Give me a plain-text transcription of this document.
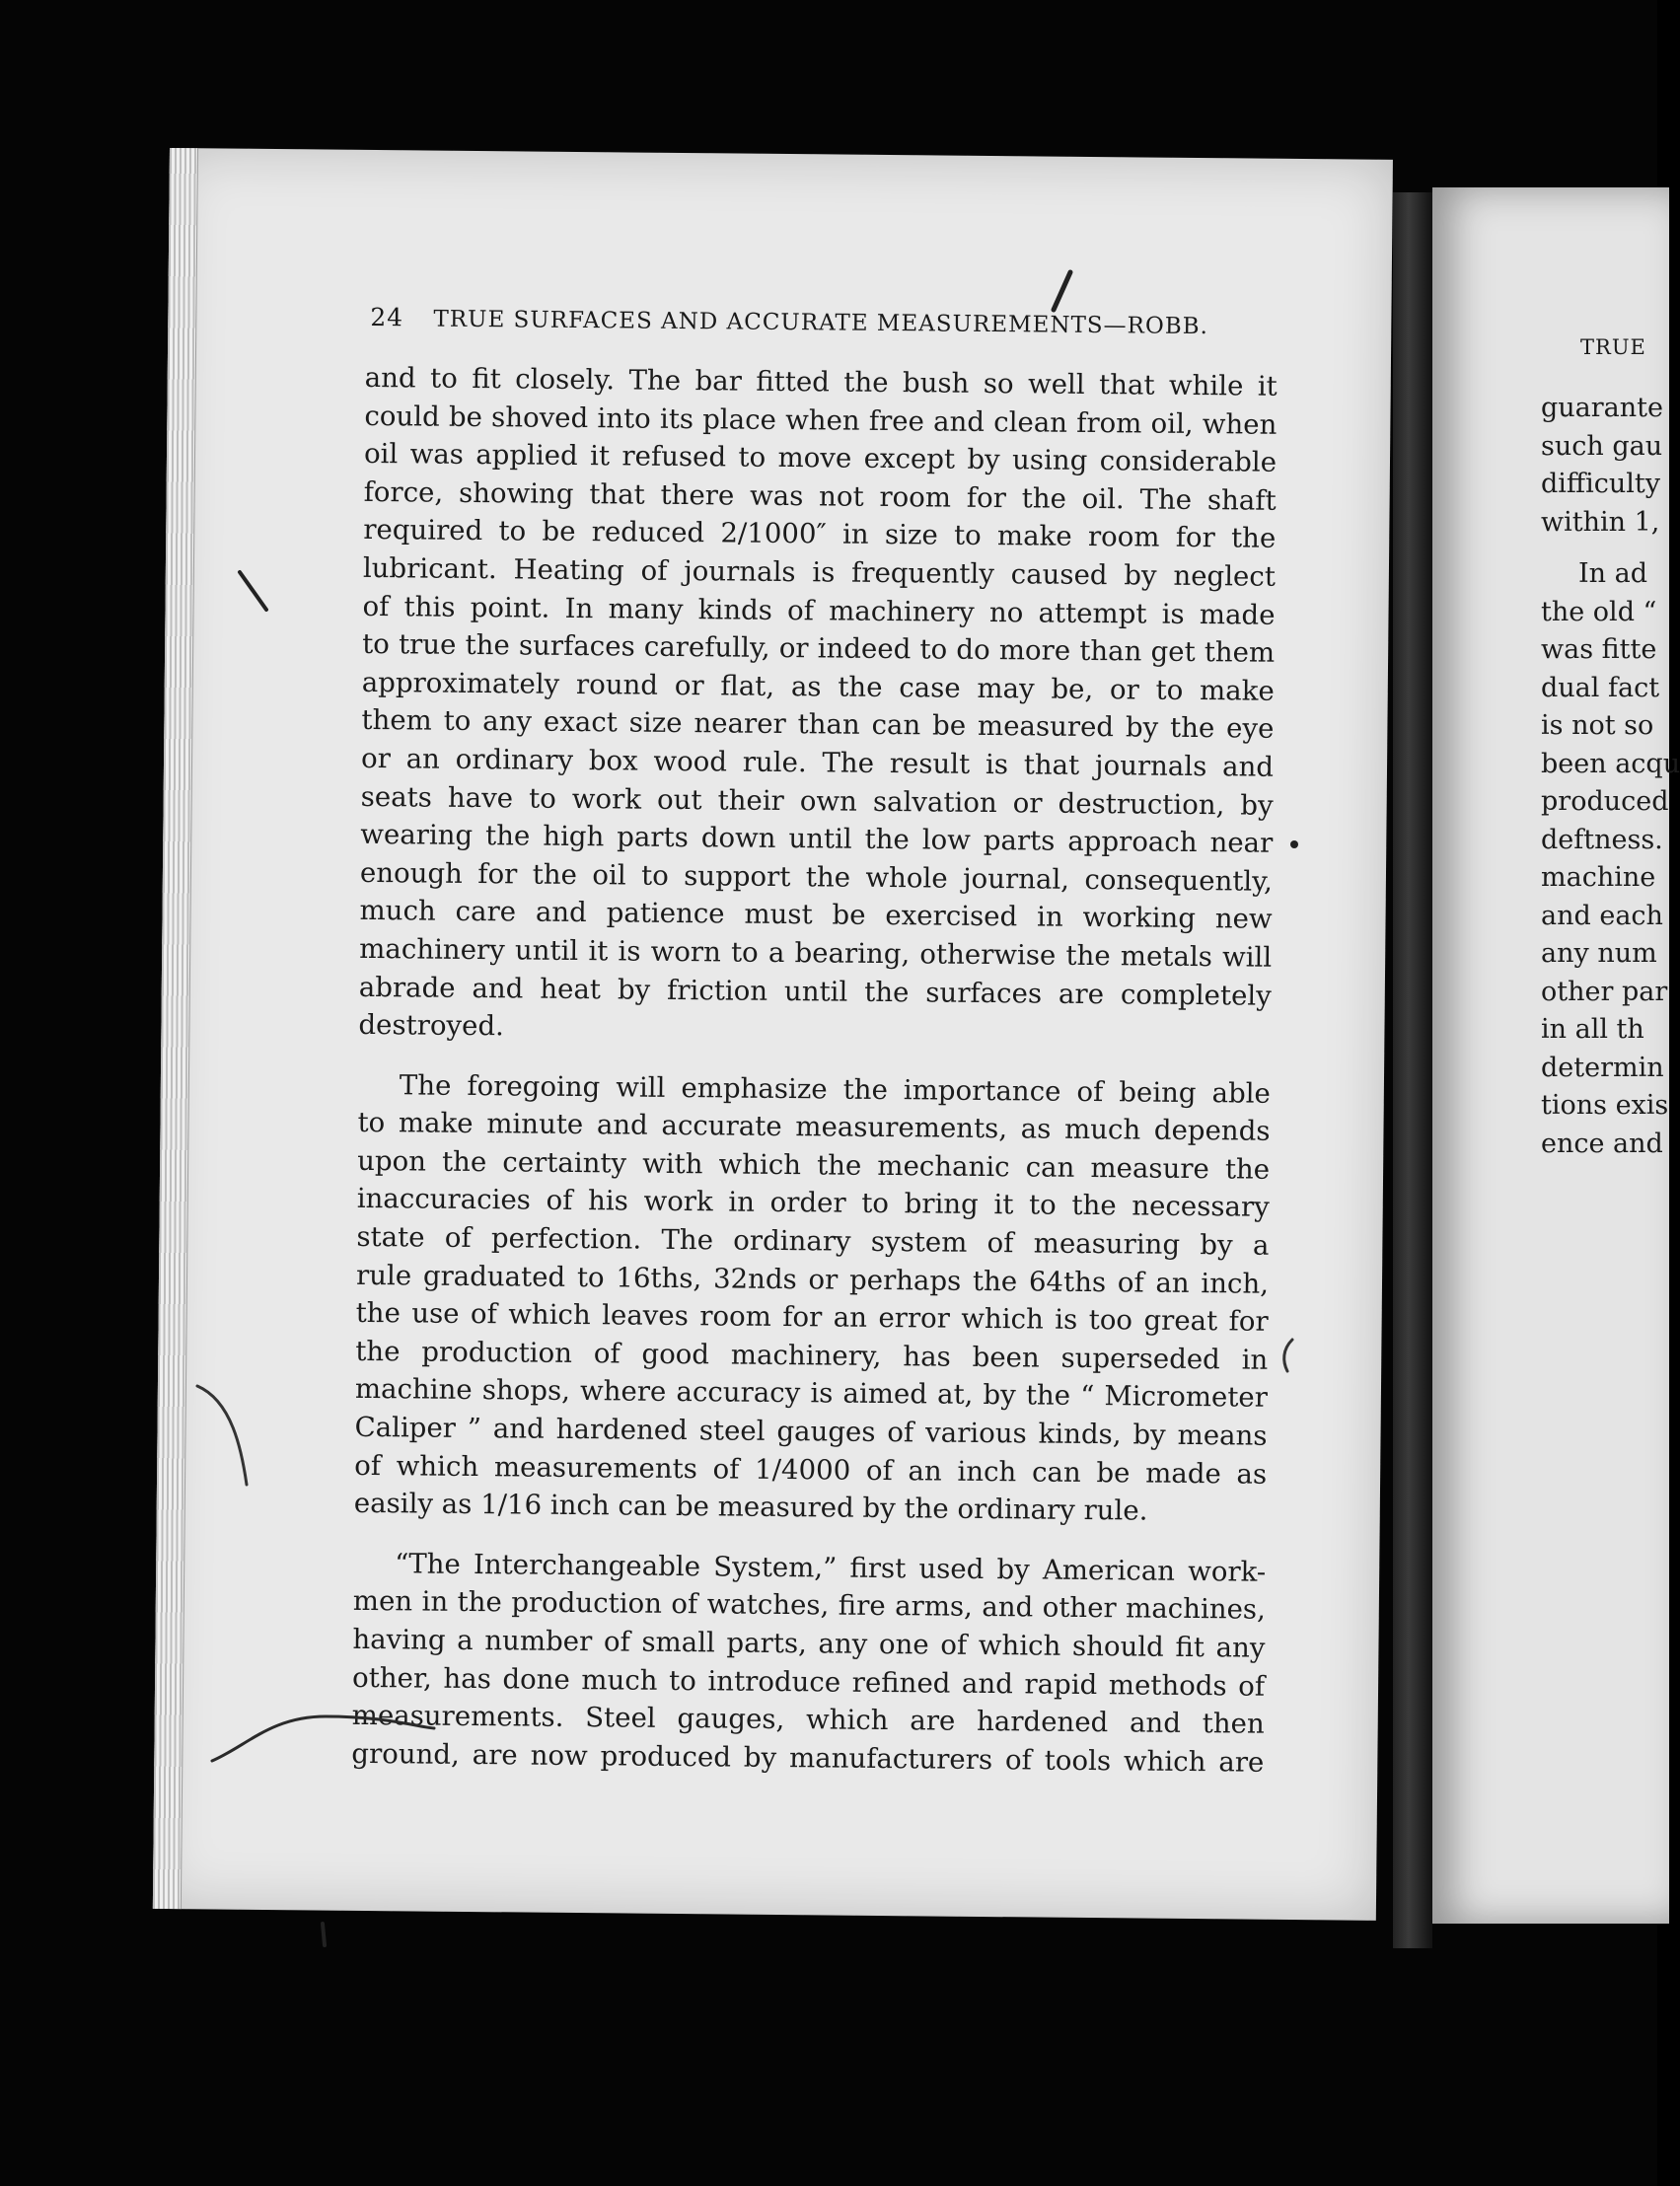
TRUE
guarante
such gau
difficulty
within 1,
In ad
the old “
was fitte
dual fact
is not so
been acqu
produced
deftness.
machine
and each
any num
other par
in all th
determin
tions exis
ence and
24 TRUE SURFACES AND ACCURATE MEASUREMENTS—ROBB.

and to fit closely. The bar fitted the bush so well that while it
could be shoved into its place when free and clean from oil, when
oil was applied it refused to move except by using considerable
force, showing that there was not room for the oil. The shaft
required to be reduced 2/1000″ in size to make room for the
lubricant. Heating of journals is frequently caused by neglect
of this point. In many kinds of machinery no attempt is made
to true the surfaces carefully, or indeed to do more than get them
approximately round or flat, as the case may be, or to make
them to any exact size nearer than can be measured by the eye
or an ordinary box wood rule. The result is that journals and
seats have to work out their own salvation or destruction, by
wearing the high parts down until the low parts approach near
enough for the oil to support the whole journal, consequently,
much care and patience must be exercised in working new
machinery until it is worn to a bearing, otherwise the metals will
abrade and heat by friction until the surfaces are completely
destroyed.

The foregoing will emphasize the importance of being able
to make minute and accurate measurements, as much depends
upon the certainty with which the mechanic can measure the
inaccuracies of his work in order to bring it to the necessary
state of perfection. The ordinary system of measuring by a
rule graduated to 16ths, 32nds or perhaps the 64ths of an inch,
the use of which leaves room for an error which is too great for
the production of good machinery, has been superseded in
machine shops, where accuracy is aimed at, by the “ Micrometer
Caliper ” and hardened steel gauges of various kinds, by means
of which measurements of 1/4000 of an inch can be made as
easily as 1/16 inch can be measured by the ordinary rule.

“The Interchangeable System,” first used by American work-
men in the production of watches, fire arms, and other machines,
having a number of small parts, any one of which should fit any
other, has done much to introduce refined and rapid methods of
measurements. Steel gauges, which are hardened and then
ground, are now produced by manufacturers of tools which are
